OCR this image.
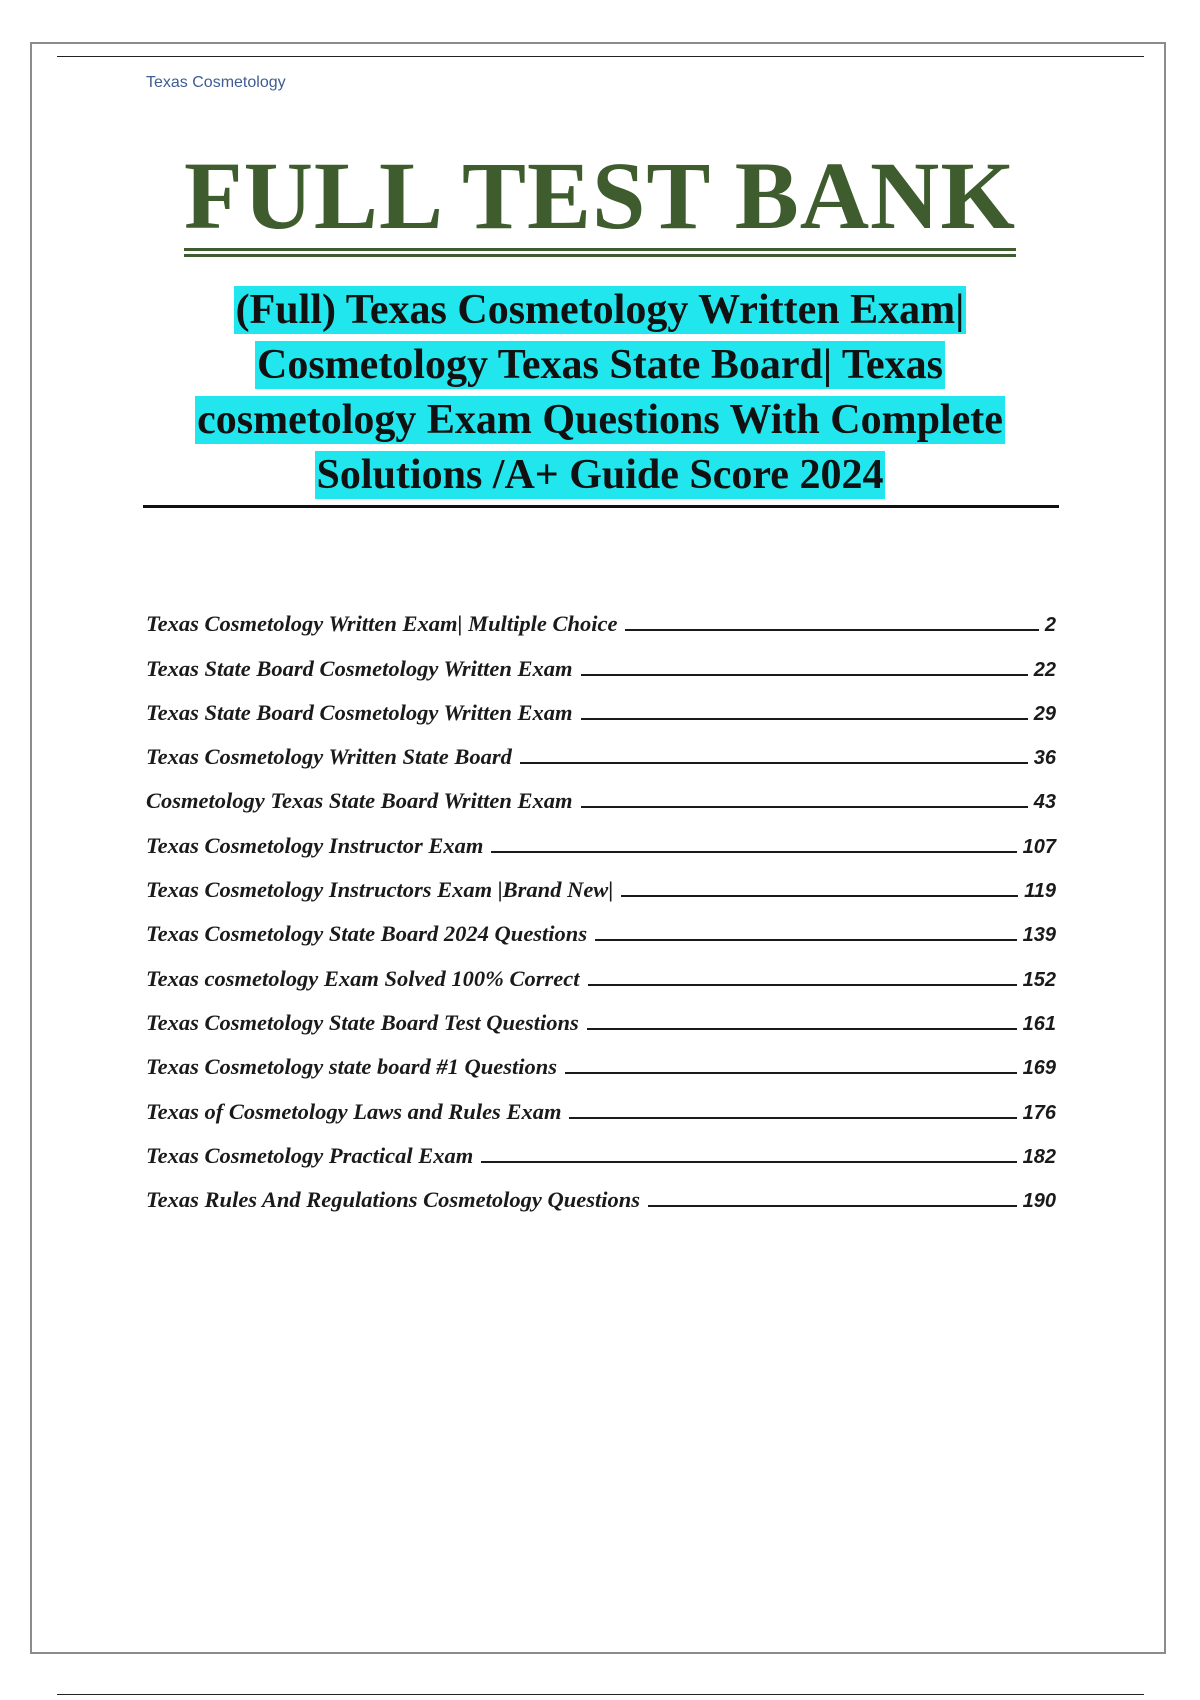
Texas Cosmetology
FULL TEST BANK
(Full) Texas Cosmetology Written Exam|
Cosmetology Texas State Board| Texas
cosmetology Exam Questions With Complete
Solutions /A+ Guide Score 2024
Texas Cosmetology Written Exam| Multiple Choice	2
Texas State Board Cosmetology Written Exam	22
Texas State Board Cosmetology Written Exam	29
Texas Cosmetology Written State Board	36
Cosmetology Texas State Board Written Exam	43
Texas Cosmetology Instructor Exam	107
Texas Cosmetology Instructors Exam |Brand New|	119
Texas Cosmetology State Board 2024 Questions	139
Texas cosmetology Exam Solved 100% Correct	152
Texas Cosmetology State Board Test Questions	161
Texas Cosmetology state board #1 Questions	169
Texas of Cosmetology Laws and Rules Exam	176
Texas Cosmetology Practical Exam	182
Texas Rules And Regulations Cosmetology Questions	190
